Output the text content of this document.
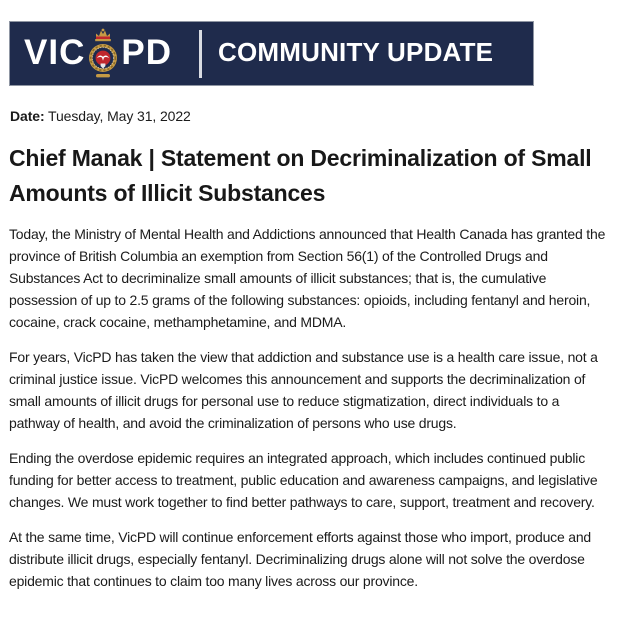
VIC PD COMMUNITY UPDATE
Date: Tuesday, May 31, 2022
Chief Manak | Statement on Decriminalization of Small Amounts of Illicit Substances

Today, the Ministry of Mental Health and Addictions announced that Health Canada has granted the province of British Columbia an exemption from Section 56(1) of the Controlled Drugs and Substances Act to decriminalize small amounts of illicit substances; that is, the cumulative possession of up to 2.5 grams of the following substances: opioids, including fentanyl and heroin, cocaine, crack cocaine, methamphetamine, and MDMA.

For years, VicPD has taken the view that addiction and substance use is a health care issue, not a criminal justice issue. VicPD welcomes this announcement and supports the decriminalization of small amounts of illicit drugs for personal use to reduce stigmatization, direct individuals to a pathway of health, and avoid the criminalization of persons who use drugs.

Ending the overdose epidemic requires an integrated approach, which includes continued public funding for better access to treatment, public education and awareness campaigns, and legislative changes. We must work together to find better pathways to care, support, treatment and recovery.

At the same time, VicPD will continue enforcement efforts against those who import, produce and distribute illicit drugs, especially fentanyl. Decriminalizing drugs alone will not solve the overdose epidemic that continues to claim too many lives across our province.
